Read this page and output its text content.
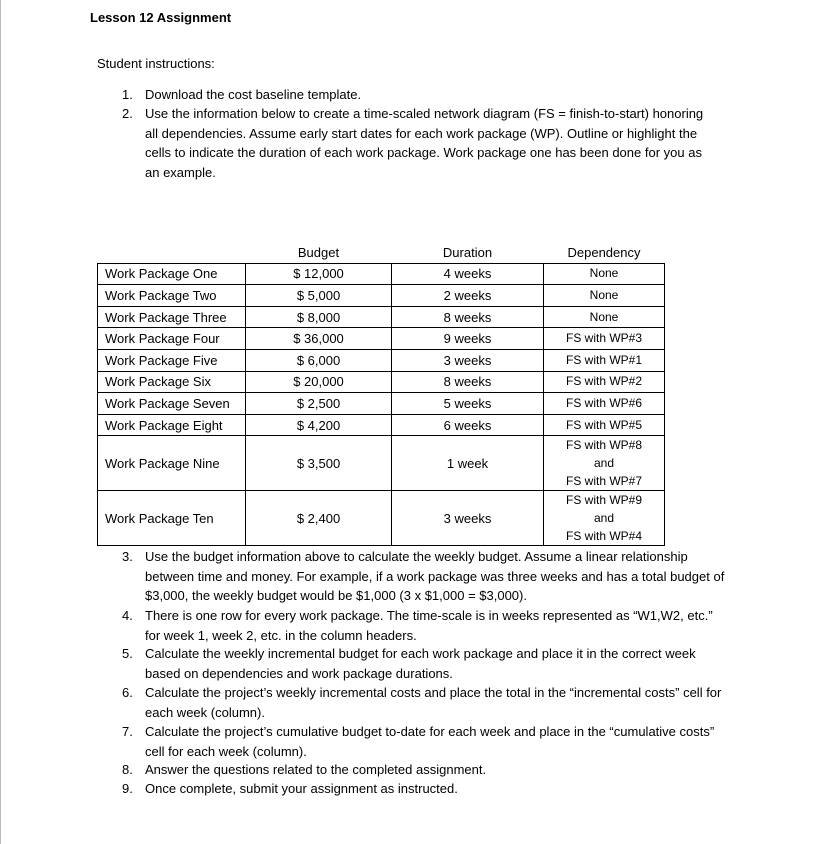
Lesson 12 Assignment
Student instructions:
1. Download the cost baseline template.
2. Use the information below to create a time-scaled network diagram (FS = finish-to-start) honoring all dependencies. Assume early start dates for each work package (WP). Outline or highlight the cells to indicate the duration of each work package. Work package one has been done for you as an example.
	Budget	Duration	Dependency
Work Package One	$ 12,000	4 weeks	None
Work Package Two	$ 5,000	2 weeks	None
Work Package Three	$ 8,000	8 weeks	None
Work Package Four	$ 36,000	9 weeks	FS with WP#3
Work Package Five	$ 6,000	3 weeks	FS with WP#1
Work Package Six	$ 20,000	8 weeks	FS with WP#2
Work Package Seven	$ 2,500	5 weeks	FS with WP#6
Work Package Eight	$ 4,200	6 weeks	FS with WP#5
Work Package Nine	$ 3,500	1 week	FS with WP#8
and
FS with WP#7

Work Package Ten	$ 2,400	3 weeks	FS with WP#9
and
FS with WP#4
3. Use the budget information above to calculate the weekly budget. Assume a linear relationship between time and money. For example, if a work package was three weeks and has a total budget of $3,000, the weekly budget would be $1,000 (3 x $1,000 = $3,000).
4. There is one row for every work package. The time-scale is in weeks represented as “W1,W2, etc.” for week 1, week 2, etc. in the column headers.
5. Calculate the weekly incremental budget for each work package and place it in the correct week based on dependencies and work package durations.
6. Calculate the project’s weekly incremental costs and place the total in the “incremental costs” cell for each week (column).
7. Calculate the project’s cumulative budget to-date for each week and place in the “cumulative costs” cell for each week (column).
8. Answer the questions related to the completed assignment.
9. Once complete, submit your assignment as instructed.
